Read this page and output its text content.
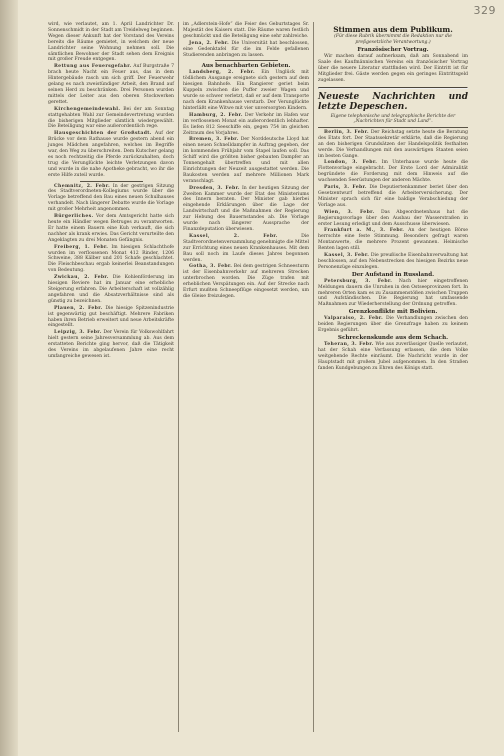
329

wird, wie verlautet, am 1. April Landrichter Dr. Sonnenschmidt in der Stadt am Treidelweg beginnen. Wegen dieser Ankunft hat der Vorstand des Vereins bereits die Räume gemietet, in welchem der neue Landrichter seine Wohnung nehmen soll. Die sämtlichen Bewohner der Stadt sehen dem Ereignis mit großer Freude entgegen.

Rettung aus Feuersgefahr. Auf Burgstraße 7 brach heute Nacht ein Feuer aus, das in dem Hintergebäude rasch um sich griff. Der Feuerwehr gelang es nach zweistündiger Arbeit, den Brand auf seinen Herd zu beschränken. Drei Personen wurden mittels der Leiter aus den oberen Stockwerken gerettet.

Kirchengemeindewahl. Bei der am Sonntag stattgehabten Wahl zur Gemeindevertretung wurden die bisherigen Mitglieder sämtlich wiedergewählt. Die Beteiligung war eine außerordentlich rege.

Hausgeschichten der Großstadt. Auf der Brücke vor dem Rathause wurde gestern abend ein junges Mädchen angefahren, welches im Begriffe war, den Weg zu überschreiten. Dem Kutscher gelang es noch rechtzeitig die Pferde zurückzuhalten, doch trug die Verunglückte leichte Verletzungen davon und wurde in die nahe Apotheke gebracht, wo ihr die erste Hilfe zuteil wurde.

Chemnitz, 2. Febr. In der gestrigen Sitzung des Stadtverordneten-Kollegiums wurde über die Vorlage betreffend den Bau eines neuen Schulhauses verhandelt. Nach längerer Debatte wurde die Vorlage mit großer Mehrheit angenommen.

Bürgerliches. Vor dem Amtsgericht hatte sich heute ein Händler wegen Betruges zu verantworten. Er hatte einem Bauern eine Kuh verkauft, die sich nachher als krank erwies. Das Gericht verurteilte den Angeklagten zu drei Monaten Gefängnis.

Freiberg, 1. Febr. Im hiesigen Schlachthofe wurden im verflossenen Monat 412 Rinder, 1206 Schweine, 388 Kälber und 201 Schafe geschlachtet. Die Fleischbeschau ergab keinerlei Beanstandungen von Bedeutung.

Zwickau, 2. Febr. Die Kohlenförderung im hiesigen Reviere hat im Januar eine erhebliche Steigerung erfahren. Die Arbeiterschaft ist vollzählig angefahren und die Absatzverhältnisse sind als günstig zu bezeichnen.

Plauen, 2. Febr. Die hiesige Spitzenindustrie ist gegenwärtig gut beschäftigt. Mehrere Fabriken haben ihren Betrieb erweitert und neue Arbeitskräfte eingestellt.

Leipzig, 3. Febr. Der Verein für Volkswohlfahrt hielt gestern seine Jahresversammlung ab. Aus dem erstatteten Berichte ging hervor, daß die Tätigkeit des Vereins im abgelaufenen Jahre eine recht umfangreiche gewesen ist.

im „Adlerstein-Hofe“ die Feier des Geburtstages Sr. Majestät des Kaisers statt. Die Räume waren festlich geschmückt und die Beteiligung eine sehr zahlreiche.

Jena, 2. Febr. Die Universität hat beschlossen, eine Gedenktafel für die im Felde gefallenen Studierenden anbringen zu lassen.

Aus benachbarten Gebieten.

Landsberg, 2. Febr. Ein Unglück mit tödlichem Ausgange ereignete sich gestern auf dem hiesigen Bahnhofe. Ein Rangierer geriet beim Kuppeln zwischen die Puffer zweier Wagen und wurde so schwer verletzt, daß er auf dem Transporte nach dem Krankenhause verstarb. Der Verunglückte hinterläßt eine Witwe mit vier unversorgten Kindern.

Hamburg, 2. Febr. Der Verkehr im Hafen war im verflossenen Monat ein außerordentlich lebhafter. Es liefen 812 Seeschiffe ein, gegen 754 im gleichen Zeitraum des Vorjahres.

Bremen, 3. Febr. Der Norddeutsche Lloyd hat einen neuen Schnelldampfer in Auftrag gegeben, der im kommenden Frühjahr vom Stapel laufen soll. Das Schiff wird die größten bisher gebauten Dampfer an Tonnengehalt übertreffen und mit allen Einrichtungen der Neuzeit ausgestattet werden. Die Baukosten werden auf mehrere Millionen Mark veranschlagt.

Dresden, 3. Febr. In der heutigen Sitzung der Zweiten Kammer wurde der Etat des Ministeriums des Innern beraten. Der Minister gab hierbei eingehende Erklärungen über die Lage der Landwirtschaft und die Maßnahmen der Regierung zur Hebung des Bauernstandes ab. Die Vorlage wurde nach längerer Aussprache der Finanzdeputation überwiesen.

Kassel, 2. Febr.	Die Stadtverordnetenversammlung genehmigte die Mittel zur Errichtung eines neuen Krankenhauses. Mit dem Bau soll noch im Laufe dieses Jahres begonnen werden.

Gotha, 3. Febr. Bei dem gestrigen Schneesturm ist der Eisenbahnverkehr auf mehreren Strecken unterbrochen worden. Die Züge trafen mit erheblichen Verspätungen ein. Auf der Strecke nach Erfurt mußten Schneepflüge eingesetzt werden, um die Gleise freizulegen.

Stimmen aus dem Publikum.
(Für diese Rubrik übernimmt die Redaktion nur die preßgesetzliche Verantwortung.)
Französischer Vortrag.

Wir machen darauf aufmerksam, daß am Sonnabend im Saale des Kaufmännischen Vereins ein französischer Vortrag über die neuere Literatur stattfinden wird. Der Eintritt ist für Mitglieder frei. Gäste werden gegen ein geringes Eintrittsgeld zugelassen.

Neueste Nachrichten und letzte Depeschen.
Eigene telephonische und telegraphische Berichte der „Nachrichten für Stadt und Land“.

Berlin, 3. Febr. Der Reichstag setzte heute die Beratung des Etats fort. Der Staatssekretär erklärte, daß die Regierung an den bisherigen Grundsätzen der Handelspolitik festhalten werde. Die Verhandlungen mit den auswärtigen Staaten seien im besten Gange.

London, 3. Febr. Im Unterhause wurde heute die Flottenvorlage eingebracht. Der Erste Lord der Admiralität begründete die Forderung mit dem Hinweis auf die wachsenden Seerüstungen der anderen Mächte.

Paris, 3. Febr. Die Deputiertenkammer beriet über den Gesetzentwurf betreffend die Arbeiterversicherung. Der Minister sprach sich für eine baldige Verabschiedung der Vorlage aus.

Wien, 3. Febr. Das Abgeordnetenhaus hat die Regierungsvorlage über den Ausbau der Wasserstraßen in erster Lesung erledigt und dem Ausschusse überwiesen.

Frankfurt a. M., 3. Febr. An der heutigen Börse herrschte eine feste Stimmung. Besonders gefragt waren Montanwerte, die mehrere Prozent gewannen. Heimische Renten lagen still.

Kassel, 3. Febr. Die preußische Eisenbahnverwaltung hat beschlossen, auf den Nebenstrecken des hiesigen Bezirks neue Personenzüge einzulegen.

Der Aufstand in Russland.

Petersburg, 3. Febr. Nach hier eingetroffenen Meldungen dauern die Unruhen in den Ostseeprovinzen fort. In mehreren Orten kam es zu Zusammenstößen zwischen Truppen und Aufständischen. Die Regierung hat umfassende Maßnahmen zur Wiederherstellung der Ordnung getroffen.

Grenzkonflikte mit Bolivien.

Valparaiso, 2. Febr. Die Verhandlungen zwischen den beiden Regierungen über die Grenzfrage haben zu keinem Ergebnis geführt.

Schreckenskunde aus dem Schach.

Teheran, 3. Febr. Wie aus zuverlässiger Quelle verlautet, hat der Schah eine Verfassung erlassen, die dem Volke weitgehende Rechte einräumt. Die Nachricht wurde in der Hauptstadt mit großem Jubel aufgenommen. In den Straßen fanden Kundgebungen zu Ehren des Königs statt.
